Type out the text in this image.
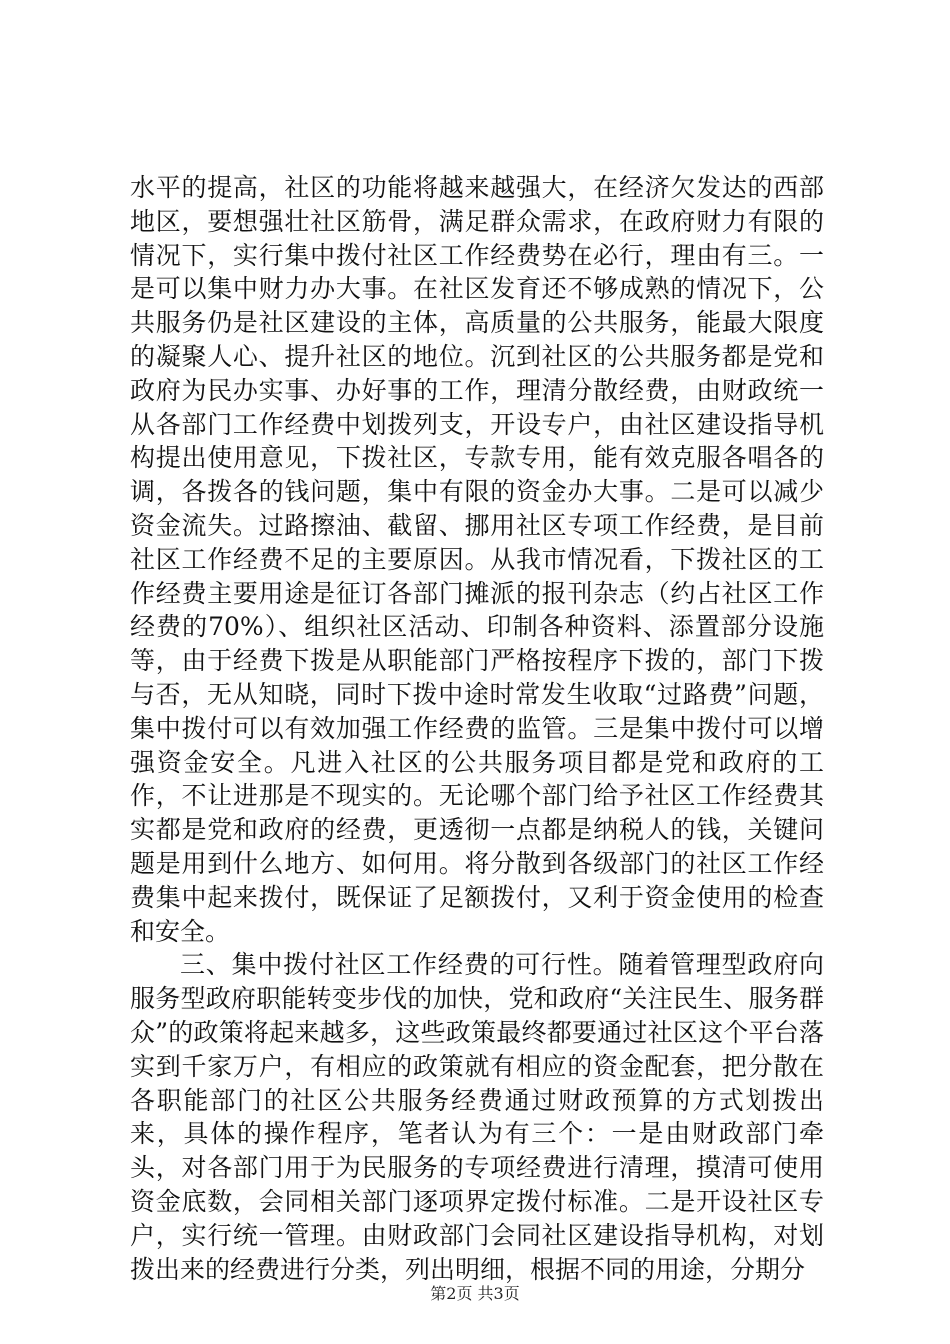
水平的提高，社区的功能将越来越强大，在经济欠发达的西部地区，要想强壮社区筋骨，满足群众需求，在政府财力有限的情况下，实行集中拨付社区工作经费势在必行，理由有三。一是可以集中财力办大事。在社区发育还不够成熟的情况下，公共服务仍是社区建设的主体，高质量的公共服务，能最大限度的凝聚人心、提升社区的地位。沉到社区的公共服务都是党和政府为民办实事、办好事的工作，理清分散经费，由财政统一从各部门工作经费中划拨列支，开设专户，由社区建设指导机构提出使用意见，下拨社区，专款专用，能有效克服各唱各的调，各拨各的钱问题，集中有限的资金办大事。二是可以减少资金流失。过路擦油、截留、挪用社区专项工作经费，是目前社区工作经费不足的主要原因。从我市情况看，下拨社区的工作经费主要用途是征订各部门摊派的报刊杂志（约占社区工作经费的70%）、组织社区活动、印制各种资料、添置部分设施等，由于经费下拨是从职能部门严格按程序下拨的，部门下拨与否，无从知晓，同时下拨中途时常发生收取“过路费”问题，集中拨付可以有效加强工作经费的监管。三是集中拨付可以增强资金安全。凡进入社区的公共服务项目都是党和政府的工作，不让进那是不现实的。无论哪个部门给予社区工作经费其实都是党和政府的经费，更透彻一点都是纳税人的钱，关键问题是用到什么地方、如何用。将分散到各级部门的社区工作经费集中起来拨付，既保证了足额拨付，又利于资金使用的检查和安全。

三、集中拨付社区工作经费的可行性。随着管理型政府向服务型政府职能转变步伐的加快，党和政府“关注民生、服务群众”的政策将起来越多，这些政策最终都要通过社区这个平台落实到千家万户，有相应的政策就有相应的资金配套，把分散在各职能部门的社区公共服务经费通过财政预算的方式划拨出来，具体的操作程序，笔者认为有三个：一是由财政部门牵头，对各部门用于为民服务的专项经费进行清理，摸清可使用资金底数，会同相关部门逐项界定拨付标准。二是开设社区专户，实行统一管理。由财政部门会同社区建设指导机构，对划拨出来的经费进行分类，列出明细，根据不同的用途，分期分

第2页 共3页
